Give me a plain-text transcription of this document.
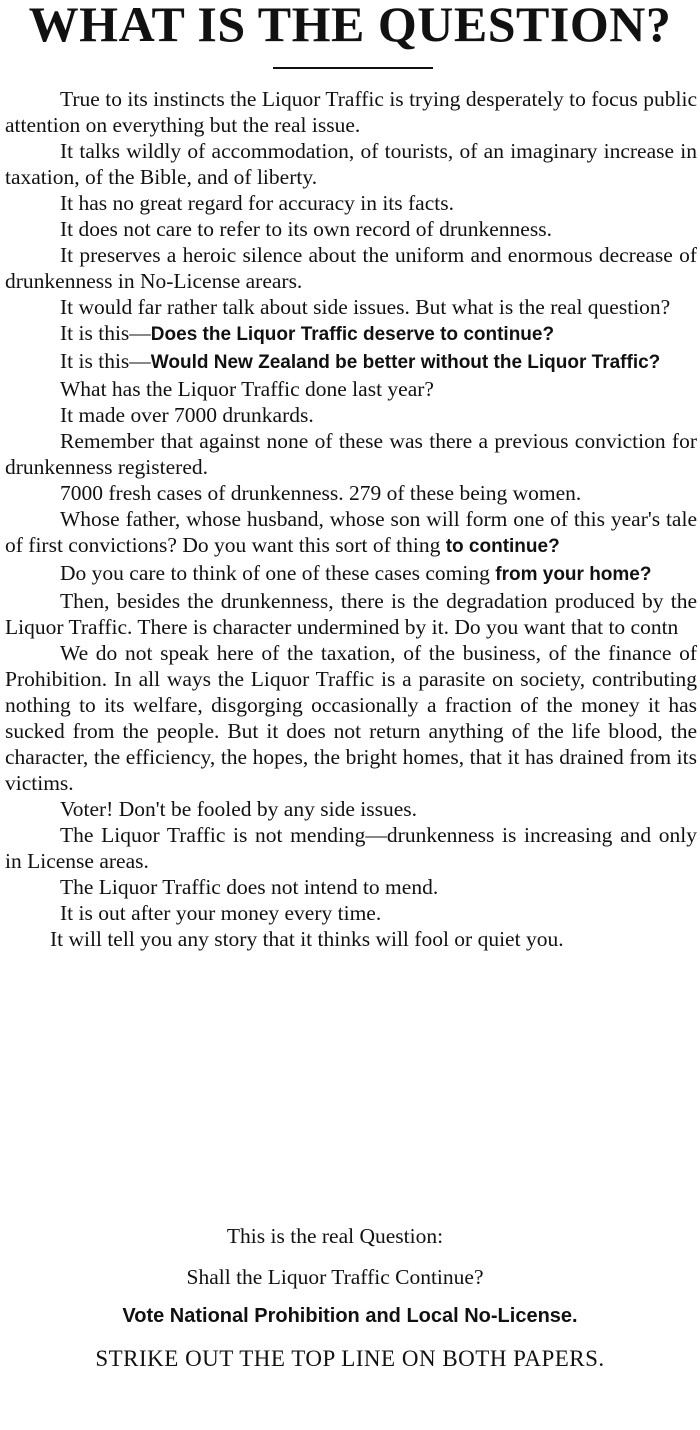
WHAT IS THE QUESTION?

True to its instincts the Liquor Traffic is trying desperately to focus public attention on everything but the real issue.

It talks wildly of accommodation, of tourists, of an imaginary increase in taxation, of the Bible, and of liberty.

It has no great regard for accuracy in its facts.

It does not care to refer to its own record of drunkenness.

It preserves a heroic silence about the uniform and enormous decrease of drunkenness in No-License arears.

It would far rather talk about side issues. But what is the real question?

It is this—Does the Liquor Traffic deserve to continue?

It is this—Would New Zealand be better without the Liquor Traffic?

What has the Liquor Traffic done last year?

It made over 7000 drunkards.

Remember that against none of these was there a previous conviction for drunkenness registered.

7000 fresh cases of drunkenness. 279 of these being women.

Whose father, whose husband, whose son will form one of this year's tale of first convictions? Do you want this sort of thing to continue?

Do you care to think of one of these cases coming from your home?

Then, besides the drunkenness, there is the degradation produced by the Liquor Traffic. There is character undermined by it. Do you want that to contn

We do not speak here of the taxation, of the business, of the finance of Prohibition. In all ways the Liquor Traffic is a parasite on society, contributing nothing to its welfare, disgorging occasionally a fraction of the money it has sucked from the people. But it does not return anything of the life blood, the character, the efficiency, the hopes, the bright homes, that it has drained from its victims.

Voter! Don't be fooled by any side issues.

The Liquor Traffic is not mending—drunkenness is increasing and only in License areas.

The Liquor Traffic does not intend to mend.

It is out after your money every time.

It will tell you any story that it thinks will fool or quiet you.

This is the real Question:
Shall the Liquor Traffic Continue?
Vote National Prohibition and Local No-License.
STRIKE OUT THE TOP LINE ON BOTH PAPERS.
